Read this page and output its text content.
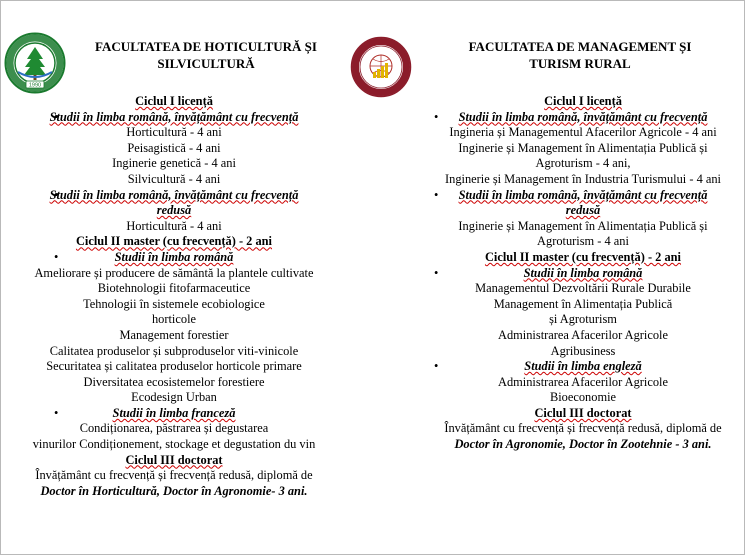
1990
FACULTATEA DE HOTICULTURĂ ȘI
SILVICULTURĂ
Ciclul I licență
• Studii în limba română, învățământ cu frecvență
Horticultură - 4 ani
Peisagistică - 4 ani
Inginerie genetică - 4 ani
Silvicultură - 4 ani
• Studii în limba română, învățământ cu frecvență
redusă
Horticultură - 4 ani
Ciclul II master (cu frecvență) - 2 ani
• Studii în limba română
Ameliorare și producere de sământă la plantele cultivate
Biotehnologii fitofarmaceutice
Tehnologii în sistemele ecobiologice
horticole
Management forestier
Calitatea produselor și subproduselor viti-vinicole
Securitatea și calitatea produselor horticole primare
Diversitatea ecosistemelor forestiere
Ecodesign Urban
• Studii în limba franceză
Condiționarea, păstrarea și degustarea
vinurilor Condiționement, stockage et degustation du vin
Ciclul III doctorat
Învățământ cu frecvență și frecvență redusă, diplomă de
Doctor în Horticultură, Doctor în Agronomie- 3 ani.
FACULTATEA DE MANAGEMENT ȘI
TURISM RURAL
Ciclul I licență
• Studii în limba română, învățământ cu frecvență
Ingineria și Managementul Afacerilor Agricole - 4 ani
Inginerie și Management în Alimentația Publică și
Agroturism - 4 ani,
Inginerie și Management în Industria Turismului - 4 ani
• Studii în limba română, învățământ cu frecvență
redusă
Inginerie și Management în Alimentația Publică și
Agroturism - 4 ani
Ciclul II master (cu frecvență) - 2 ani
• Studii în limba română
Managementul Dezvoltării Rurale Durabile
Management în Alimentația Publică
și Agroturism
Administrarea Afacerilor Agricole
Agribusiness
• Studii în limba engleză
Administrarea Afacerilor Agricole
Bioeconomie
Ciclul III doctorat
Învățământ cu frecvență și frecvență redusă, diplomă de
Doctor în Agronomie, Doctor în Zootehnie - 3 ani.
